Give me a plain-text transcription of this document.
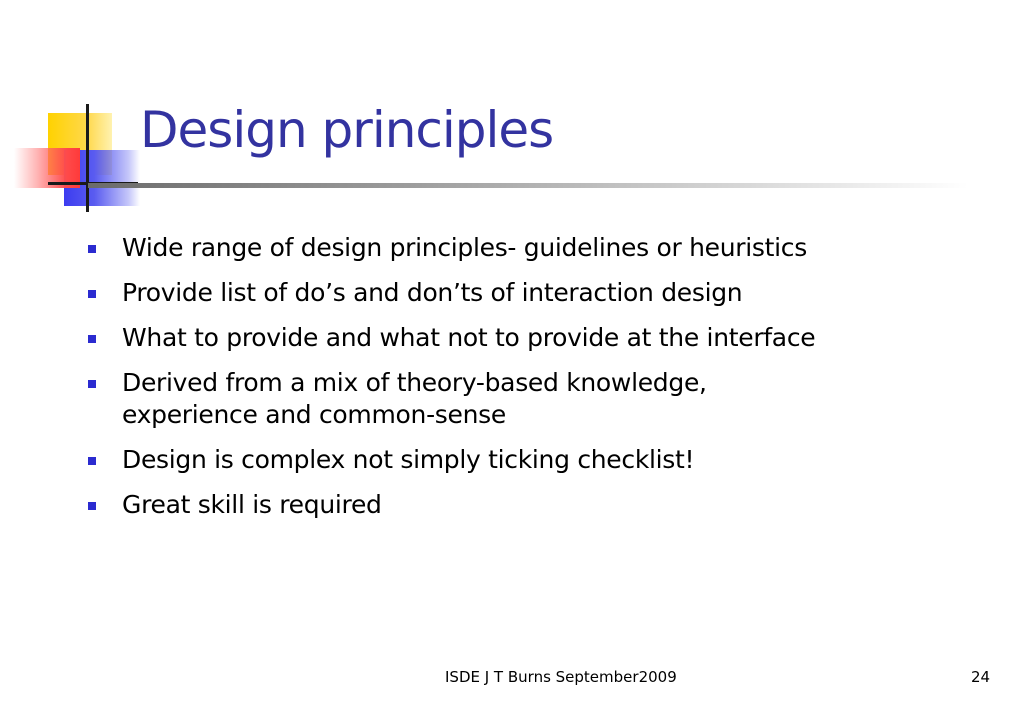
Design principles
Wide range of design principles- guidelines or heuristics
Provide list of do’s and don’ts of interaction design
What to provide and what not to provide at the interface
Derived from a mix of theory-based knowledge,
experience and common-sense
Design is complex not simply ticking checklist!
Great skill is required
ISDE J T Burns September2009	24
